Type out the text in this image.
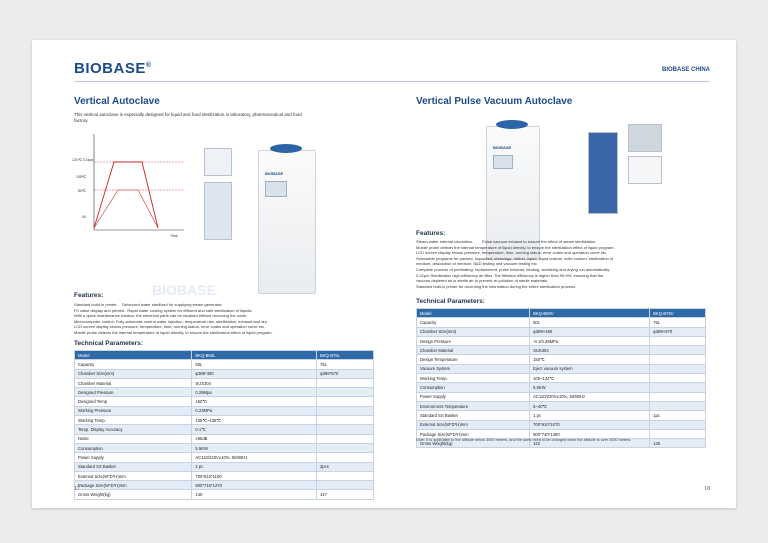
BIOBASE®
BIOBASE CHINA
Vertical Autoclave
This vertical autoclave is especially designed for liquid and food sterilization in laboratory, pharmaceutical and food factory.
121℃ 0.1kpa
105℃
80℃
40
Time
BIOBASE
BIOBASE
Features:
Standard build-in printer. Deionized water sterilized for supplying steam generator.
F0 value display and printed. Rapid water cooling system for efficient and safe sterilization of liquids.
With a quick maintenance window, the electrical parts can be repaired without removing the cover.
Microcomputer control: Fully automatic control water injection, temperature rise, sterilization, exhaust and dry.
LCD screen display shows pressure, temperature, time, running status, error codes and operation curve etc.
Mobile probe detects the internal temperature of liquid directly, to ensure the sterilization effect of liquid program.
Technical Parameters:
Model	BKQ-B50L	BKQ-B75L
Capacity	50L	75L
Chamber Size(mm)	φ386*460	φ386*670
Chamber Material	SUS304	
Designed Pressure	0.28Mpa	
Designed Temp	150℃	
Working Pressure	0.23MPa	
Working Temp.	105℃~138℃	
Temp. Display Accuracy	0.1℃	
Noise	≥65dB	
Consumption	5.5KW	
Power Supply	AC110/220V±10%, 50/60Hz	
Standard SS Basket	1 pc	2pcs
External Size(W*D*H)mm	700*610*1100	
Package Size(W*D*H)mm	800*715*1270	
Gross Weight(kg)	140	147
17
Vertical Pulse Vacuum Autoclave
BIOBASE
Features:
Steam-water internal circulation. Pulse vacuum exhaust to ensure the effect of steam sterilization.
Mobile probe detects the internal temperature of liquid directly, to ensure the sterilization effect of liquid program.
LCD screen display shows pressure, temperature, time, running status, error codes and operation curve etc.
Selectable programs for packed, unpacked, dressings, rubber, liquid, liquid custom, solid custom, sterilization of
medium, dissolution of medium, B&D testing and vacuum testing etc.
Complete process of preheating, replacement, pulse exhaust, heating, sterilizing and drying run automatically.
0.22μm Sterilization high-efficiency air filter. The filtration efficiency is higher than 99.9%, ensuring that the
vacuum-depleted air is sterile air to prevent re-pollution of sterile materials.
Standard built-in printer for recording the information during the entire sterilization process.
Technical Parameters:
Model	BKQ-B50V	BKQ-B75V
Capacity	50L	75L
Chamber Size(mm)	φ386×460	φ386×670
Design Pressure	-0.1/0.28MPa	
Chamber Material	SUS304	
Design Temperature	150℃	
Vacuum System	Eject vacuum system	
Working Temp.	105~134℃	
Consumption	5.5KW	
Power Supply	AC110/220V±10%, 50/60Hz	
Environment Temperature	5~40℃	
Standard SS Basket	1 pc	1pc
External Size(W*D*H)mm	700*610*1070	
Package Size(W*D*H)mm	800*740*1380	
Gross Weight(kg)	142	145
Note: It is applicable to the altitude below 3000 meters, and the parts need to be changed when the altitude is over 2000 meters.
18
